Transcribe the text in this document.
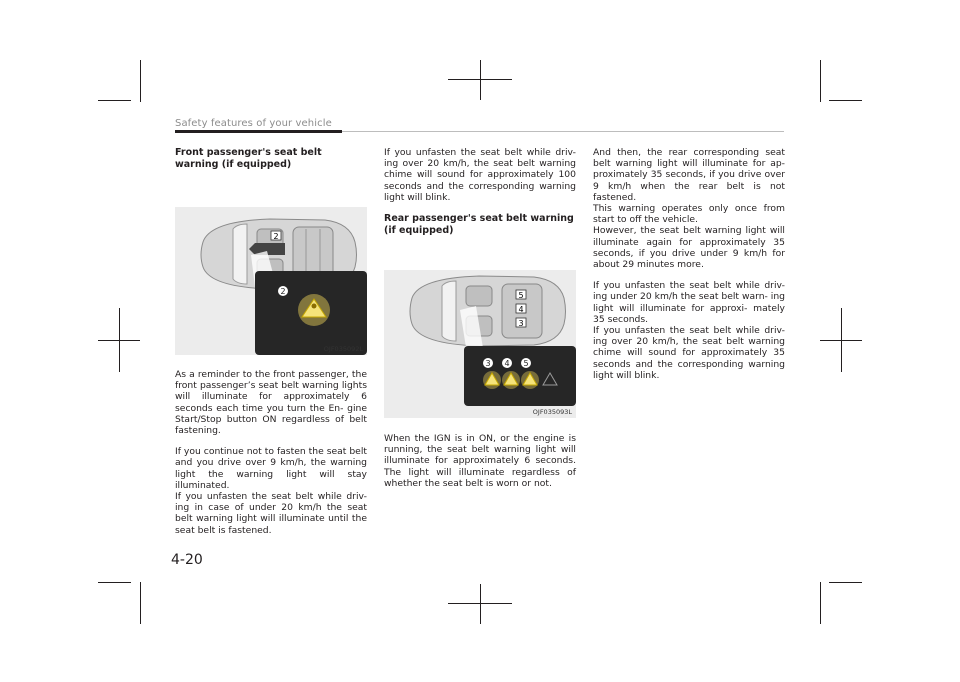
Safety features of your vehicle
Front passenger's seat belt warning (if equipped)
2
2
OJF035092L

As a reminder to the front passenger, the front passenger’s seat belt warning lights will illuminate for approximately 6 seconds each time you turn the En- gine Start/Stop button ON regardless of belt fastening.

If you continue not to fasten the seat belt and you drive over 9 km/h, the warning light the warning light will stay illuminated.

If you unfasten the seat belt while driv- ing in case of under 20 km/h the seat belt warning light will illuminate until the seat belt is fastened.

If you unfasten the seat belt while driv- ing over 20 km/h, the seat belt warning chime will sound for approximately 100 seconds and the corresponding warning light will blink.

Rear passenger's seat belt warning (if equipped)
5
4
3
3 4 5
OJF035093L

When the IGN is in ON, or the engine is running, the seat belt warning light will illuminate for approximately 6 seconds. The light will illuminate regardless of whether the seat belt is worn or not.

And then, the rear corresponding seat belt warning light will illuminate for ap- proximately 35 seconds, if you drive over 9 km/h when the rear belt is not fastened.

This warning operates only once from start to off the vehicle.

However, the seat belt warning light will illuminate again for approximately 35 seconds, if you drive under 9 km/h for about 29 minutes more.

If you unfasten the seat belt while driv- ing under 20 km/h the seat belt warn- ing light will illuminate for approxi- mately 35 seconds.

If you unfasten the seat belt while driv- ing over 20 km/h, the seat belt warning chime will sound for approximately 35 seconds and the corresponding warning light will blink.

4-20
